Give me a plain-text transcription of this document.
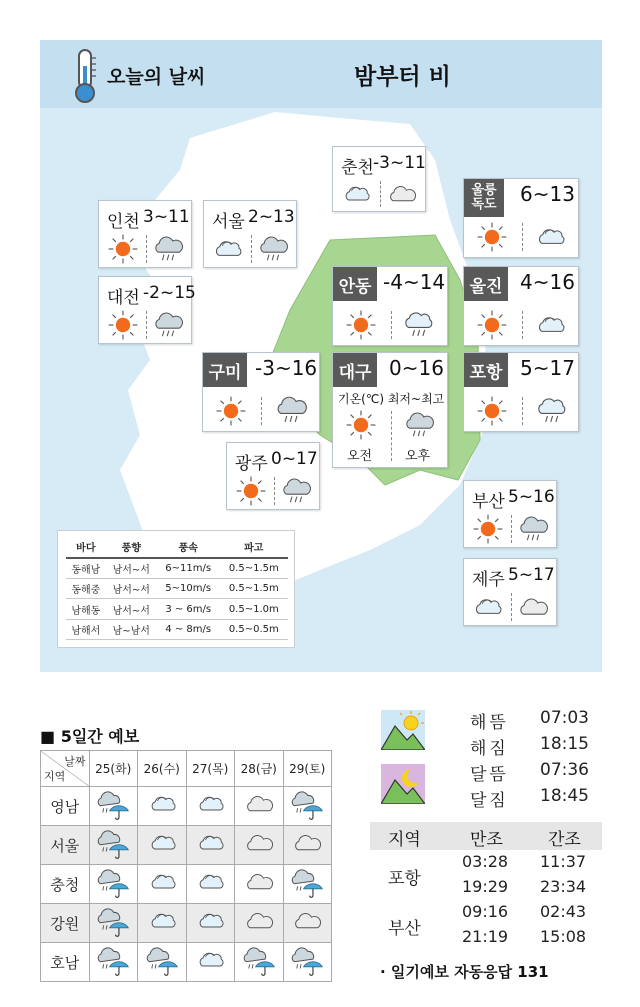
오늘의 날씨	밤부터 비
춘천 -3~11
인천 3~11 서울 2~13
대전 -2~15
울릉
독도	6~13
안동 -4~14	울진 4~16
구미 -3~16	대구 0~16
기온(℃) 최저~최고
오전	오후
포항 5~17
광주 0~17
부산 5~16
제주 5~17
바다	풍향	풍속	파고
동해남	남서~서	6~11m/s	0.5~1.5m
동해중	남서~서	5~10m/s	0.5~1.5m
남해동	남서~서	3 ~ 6m/s	0.5~1.0m
남해서	남~남서	4 ~ 8m/s	0.5~0.5m
■ 5일간 예보
날짜
지역	25(화)	26(수)	27(목)	28(금)	29(토)
영남					
서울					
충청					
강원					
호남					
해뜸 07:03
해짐 18:15
달뜸 07:36
달짐 18:45
지역	만조	간조
포항
03:28 11:37
19:29 23:34
부산
09:16 02:43
21:19 15:08
· 일기예보 자동응답 131
